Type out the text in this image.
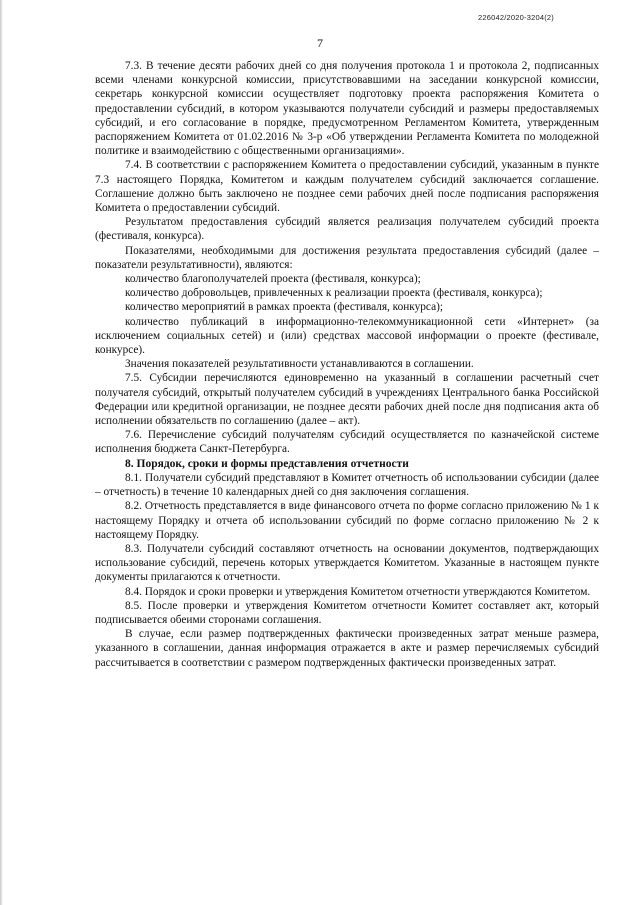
226042/2020-3204(2)
7

7.3. В течение десяти рабочих дней со дня получения протокола 1 и протокола 2, подписанных всеми членами конкурсной комиссии, присутствовавшими на заседании конкурсной комиссии, секретарь конкурсной комиссии осуществляет подготовку проекта распоряжения Комитета о предоставлении субсидий, в котором указываются получатели субсидий и размеры предоставляемых субсидий, и его согласование в порядке, предусмотренном Регламентом Комитета, утвержденным распоряжением Комитета от 01.02.2016 № 3-р «Об утверждении Регламента Комитета по молодежной политике и взаимодействию с общественными организациями».

7.4. В соответствии с распоряжением Комитета о предоставлении субсидий, указанным в пункте 7.3 настоящего Порядка, Комитетом и каждым получателем субсидий заключается соглашение. Соглашение должно быть заключено не позднее семи рабочих дней после подписания распоряжения Комитета о предоставлении субсидий.

Результатом предоставления субсидий является реализация получателем субсидий проекта (фестиваля, конкурса).

Показателями, необходимыми для достижения результата предоставления субсидий (далее – показатели результативности), являются:

количество благополучателей проекта (фестиваля, конкурса);

количество добровольцев, привлеченных к реализации проекта (фестиваля, конкурса);

количество мероприятий в рамках проекта (фестиваля, конкурса);

количество публикаций в информационно-телекоммуникационной сети «Интернет» (за исключением социальных сетей) и (или) средствах массовой информации о проекте (фестивале, конкурсе).

Значения показателей результативности устанавливаются в соглашении.

7.5. Субсидии перечисляются единовременно на указанный в соглашении расчетный счет получателя субсидий, открытый получателем субсидий в учреждениях Центрального банка Российской Федерации или кредитной организации, не позднее десяти рабочих дней после дня подписания акта об исполнении обязательств по соглашению (далее – акт).

7.6. Перечисление субсидий получателям субсидий осуществляется по казначейской системе исполнения бюджета Санкт-Петербурга.

8. Порядок, сроки и формы представления отчетности

8.1. Получатели субсидий представляют в Комитет отчетность об использовании субсидии (далее – отчетность) в течение 10 календарных дней со дня заключения соглашения.

8.2. Отчетность представляется в виде финансового отчета по форме согласно приложению № 1 к настоящему Порядку и отчета об использовании субсидий по форме согласно приложению № 2 к настоящему Порядку.

8.3. Получатели субсидий составляют отчетность на основании документов, подтверждающих использование субсидий, перечень которых утверждается Комитетом. Указанные в настоящем пункте документы прилагаются к отчетности.

8.4. Порядок и сроки проверки и утверждения Комитетом отчетности утверждаются Комитетом.

8.5. После проверки и утверждения Комитетом отчетности Комитет составляет акт, который подписывается обеими сторонами соглашения.

В случае, если размер подтвержденных фактически произведенных затрат меньше размера, указанного в соглашении, данная информация отражается в акте и размер перечисляемых субсидий рассчитывается в соответствии с размером подтвержденных фактически произведенных затрат.
